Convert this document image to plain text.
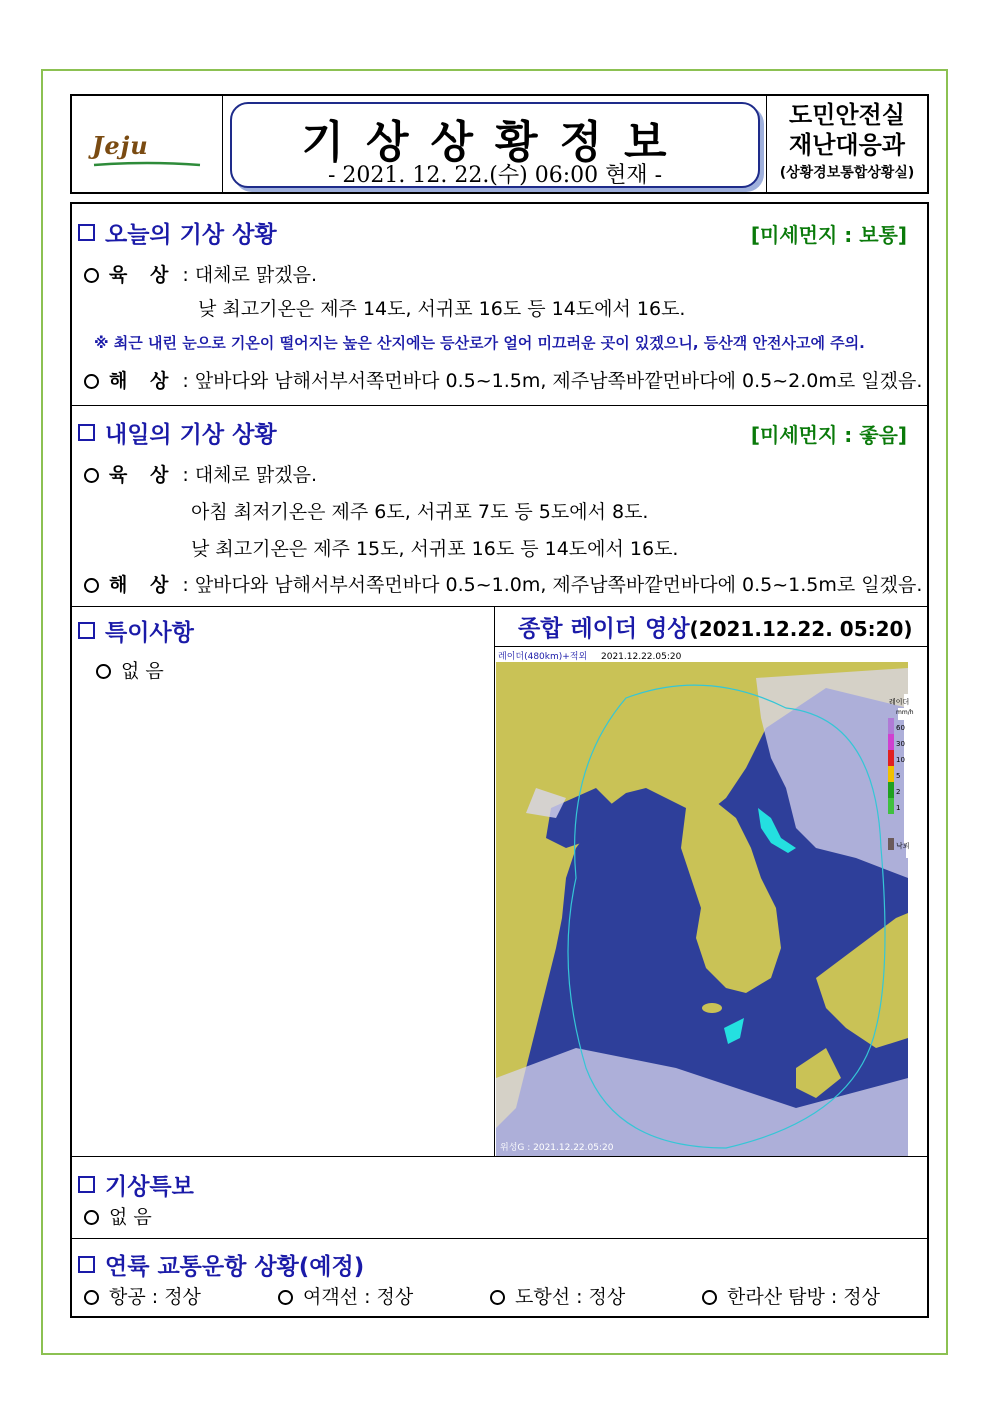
Jeju	기상상황정보
- 2021. 12. 22.(수) 06:00 현재 -
도민안전실
재난대응과
(상황경보통합상황실)
오늘의 기상 상황	[미세먼지 : 보통]
육 상 : 대체로 맑겠음.
낮 최고기온은 제주 14도, 서귀포 16도 등 14도에서 16도.
※ 최근 내린 눈으로 기온이 떨어지는 높은 산지에는 등산로가 얼어 미끄러운 곳이 있겠으니, 등산객 안전사고에 주의.
해 상 : 앞바다와 남해서부서쪽먼바다 0.5~1.5m, 제주남쪽바깥먼바다에 0.5~2.0m로 일겠음.
내일의 기상 상황	[미세먼지 : 좋음]
육 상 : 대체로 맑겠음.
아침 최저기온은 제주 6도, 서귀포 7도 등 5도에서 8도.
낮 최고기온은 제주 15도, 서귀포 16도 등 14도에서 16도.
해 상 : 앞바다와 남해서부서쪽먼바다 0.5~1.0m, 제주남쪽바깥먼바다에 0.5~1.5m로 일겠음.
특이사항
없 음
종합 레이더 영상(2021.12.22. 05:20)
레이더(480km)+적외 2021.12.22.05:20
위성G : 2021.12.22.05:20
레이더
mm/h
60
30
10
5
2
1
낙뢰
기상특보
없 음
연륙 교통운항 상황(예정)
항공 : 정상	여객선 : 정상	도항선 : 정상	한라산 탐방 : 정상
